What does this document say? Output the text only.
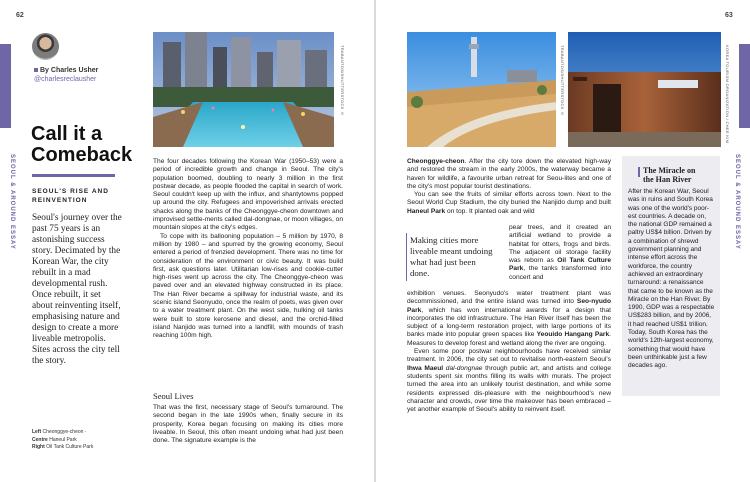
62
SEOUL & AROUND ESSAY
By Charles Usher
@charlesreclausher
Call it a
Comeback
SEOUL'S RISE AND
REINVENTION
Seoul's journey over the past 75 years is an astonishing success story. Decimated by the Korean War, the city rebuilt in a mad developmental rush. Once rebuilt, it set about reinventing itself, emphasising nature and design to create a more liveable metropolis. Sites across the city tell the story.
Left Cheonggye-cheon ·
Centre Haneul Park
Right Oil Tank Culture Park
TRABANTOS/SHUTTERSTOCK ©

The four decades following the Korean War (1950–53) were a period of incredible growth and change in Seoul. The city's population boomed, doubling to nearly 3 million in the first postwar decade, as people flooded the capital in search of work. Seoul couldn't keep up with the influx, and shantytowns popped up around the city. Refugees and impoverished arrivals erected shacks along the banks of the Cheonggye-cheon downtown and improvised settle-ments called dal-dongnae, or moon villages, on mountain slopes at the city's edges.

To cope with its ballooning population – 5 million by 1970, 8 million by 1980 – and spurred by the growing economy, Seoul entered a period of frenzied development. There was no time for consideration of the environment or civic beauty. It was build first, ask questions later. Utilitarian low-rises and cookie-cutter high-rises went up across the city. The Cheonggye-cheon was paved over and an elevated highway constructed in its place. The Han River became a spillway for industrial waste, and its scenic island Seonyudo, once the realm of poets, was given over to a water treatment plant. On the west side, hulking oil tanks were built to store kerosene and diesel, and the orchid-filled island Nanjido was turned into a landfill, with mounds of trash reaching 100m high.

Seoul Lives

That was the first, necessary stage of Seoul's turnaround. The second began in the late 1990s when, finally secure in its prosperity, Korea began focusing on making its cities more liveable. In Seoul, this often meant undoing what had just been done. The signature example is the

63
SEOUL & AROUND ESSAY
TRABANTOS/SHUTTERSTOCK ©	KOREA TOURISM ORGANIZATION / CHEE KIM

Cheonggye-cheon. After the city tore down the elevated high-way and restored the stream in the early 2000s, the waterway became a haven for wildlife, a favourite urban retreat for Seou-lites and one of the city's most popular tourist destinations.

You can see the fruits of similar efforts across town. Next to the Seoul World Cup Stadium, the city buried the Nanjido dump and built Haneul Park on top. It planted oak and wild

Making cities more liveable meant undoing what had just been done.

pear trees, and it created an artificial wetland to provide a habitat for otters, frogs and birds. The adjacent oil storage facility was reborn as Oil Tank Culture Park, the tanks transformed into concert and

exhibition venues. Seonyudo's water treatment plant was decommissioned, and the entire island was turned into Seo-nyudo Park, which has won international awards for a design that incorporates the old infrastructure. The Han River itself has been the subject of a long-term restoration project, with large portions of its banks made into popular green spaces like Yeouido Hangang Park. Measures to develop forest and wetland along the river are ongoing.

Even some poor postwar neighbourhoods have received similar treatment. In 2006, the city set out to revitalise north-eastern Seoul's Ihwa Maeul dal-dongnae through public art, and artists and college students spent six months filling its walls with murals. The project turned the area into an unlikely tourist destination, and while some residents expressed dis-pleasure with the neighbourhood's new character and crowds, over time the makeover has been embraced – yet another example of Seoul's ability to reinvent itself.

The Miracle on
the Han River
After the Korean War, Seoul was in ruins and South Korea was one of the world's poor-est countries. A decade on, the national GDP remained a paltry US$4 billion. Driven by a combination of shrewd government planning and intense effort across the workforce, the country achieved an extraordinary turnaround: a renaissance that came to be known as the Miracle on the Han River. By 1990, GDP was a respectable US$283 billion, and by 2006, it had reached US$1 trillion. Today, South Korea has the world's 12th-largest economy, something that would have been unthinkable just a few decades ago.
